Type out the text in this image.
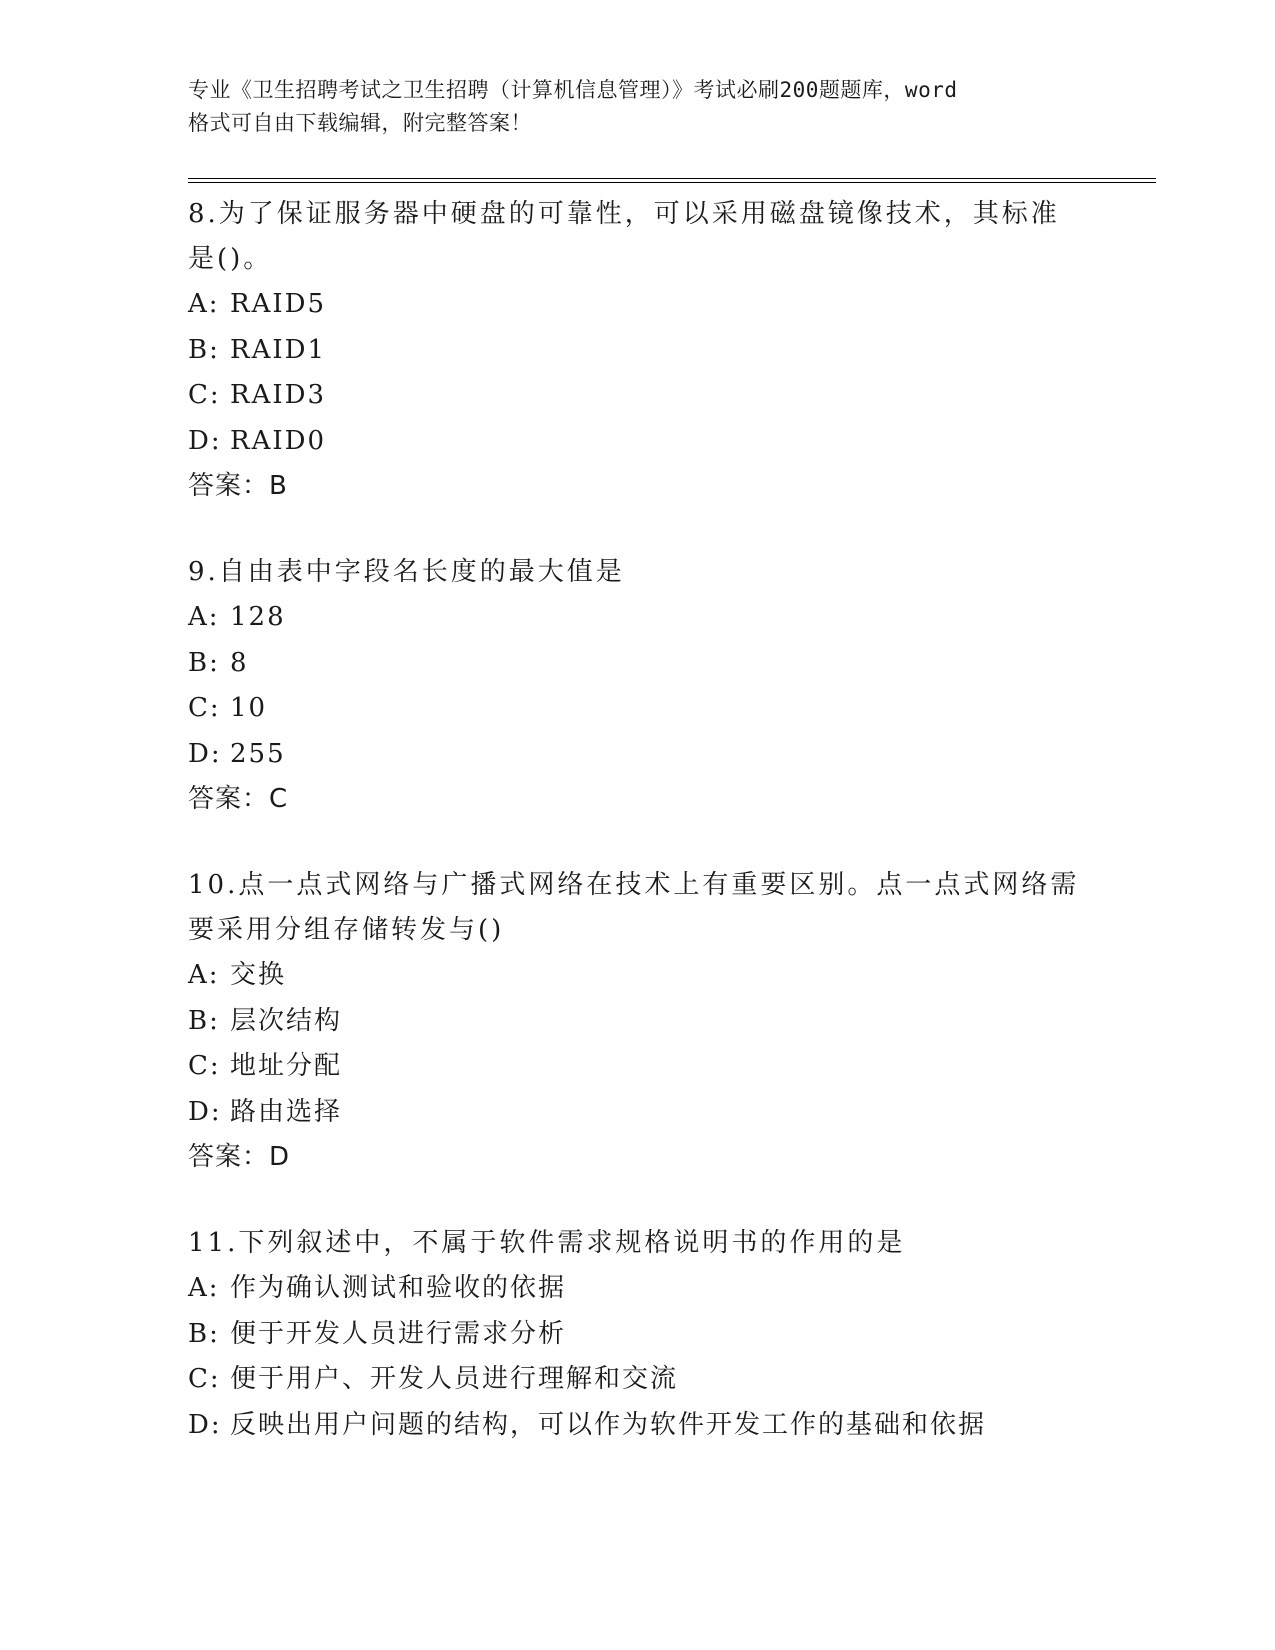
专业《卫生招聘考试之卫生招聘（计算机信息管理）》考试必刷200题题库，word
格式可自由下载编辑，附完整答案！

8.为了保证服务器中硬盘的可靠性，可以采用磁盘镜像技术，其标准
是()。

A: RAID5

B: RAID1

C: RAID3

D: RAID0

答案：B

9.自由表中字段名长度的最大值是

A: 128

B: 8

C: 10

D: 255

答案：C

10.点一点式网络与广播式网络在技术上有重要区别。点一点式网络需
要采用分组存储转发与()

A: 交换

B: 层次结构

C: 地址分配

D: 路由选择

答案：D

11.下列叙述中，不属于软件需求规格说明书的作用的是

A: 作为确认测试和验收的依据

B: 便于开发人员进行需求分析

C: 便于用户、开发人员进行理解和交流

D: 反映出用户问题的结构，可以作为软件开发工作的基础和依据
